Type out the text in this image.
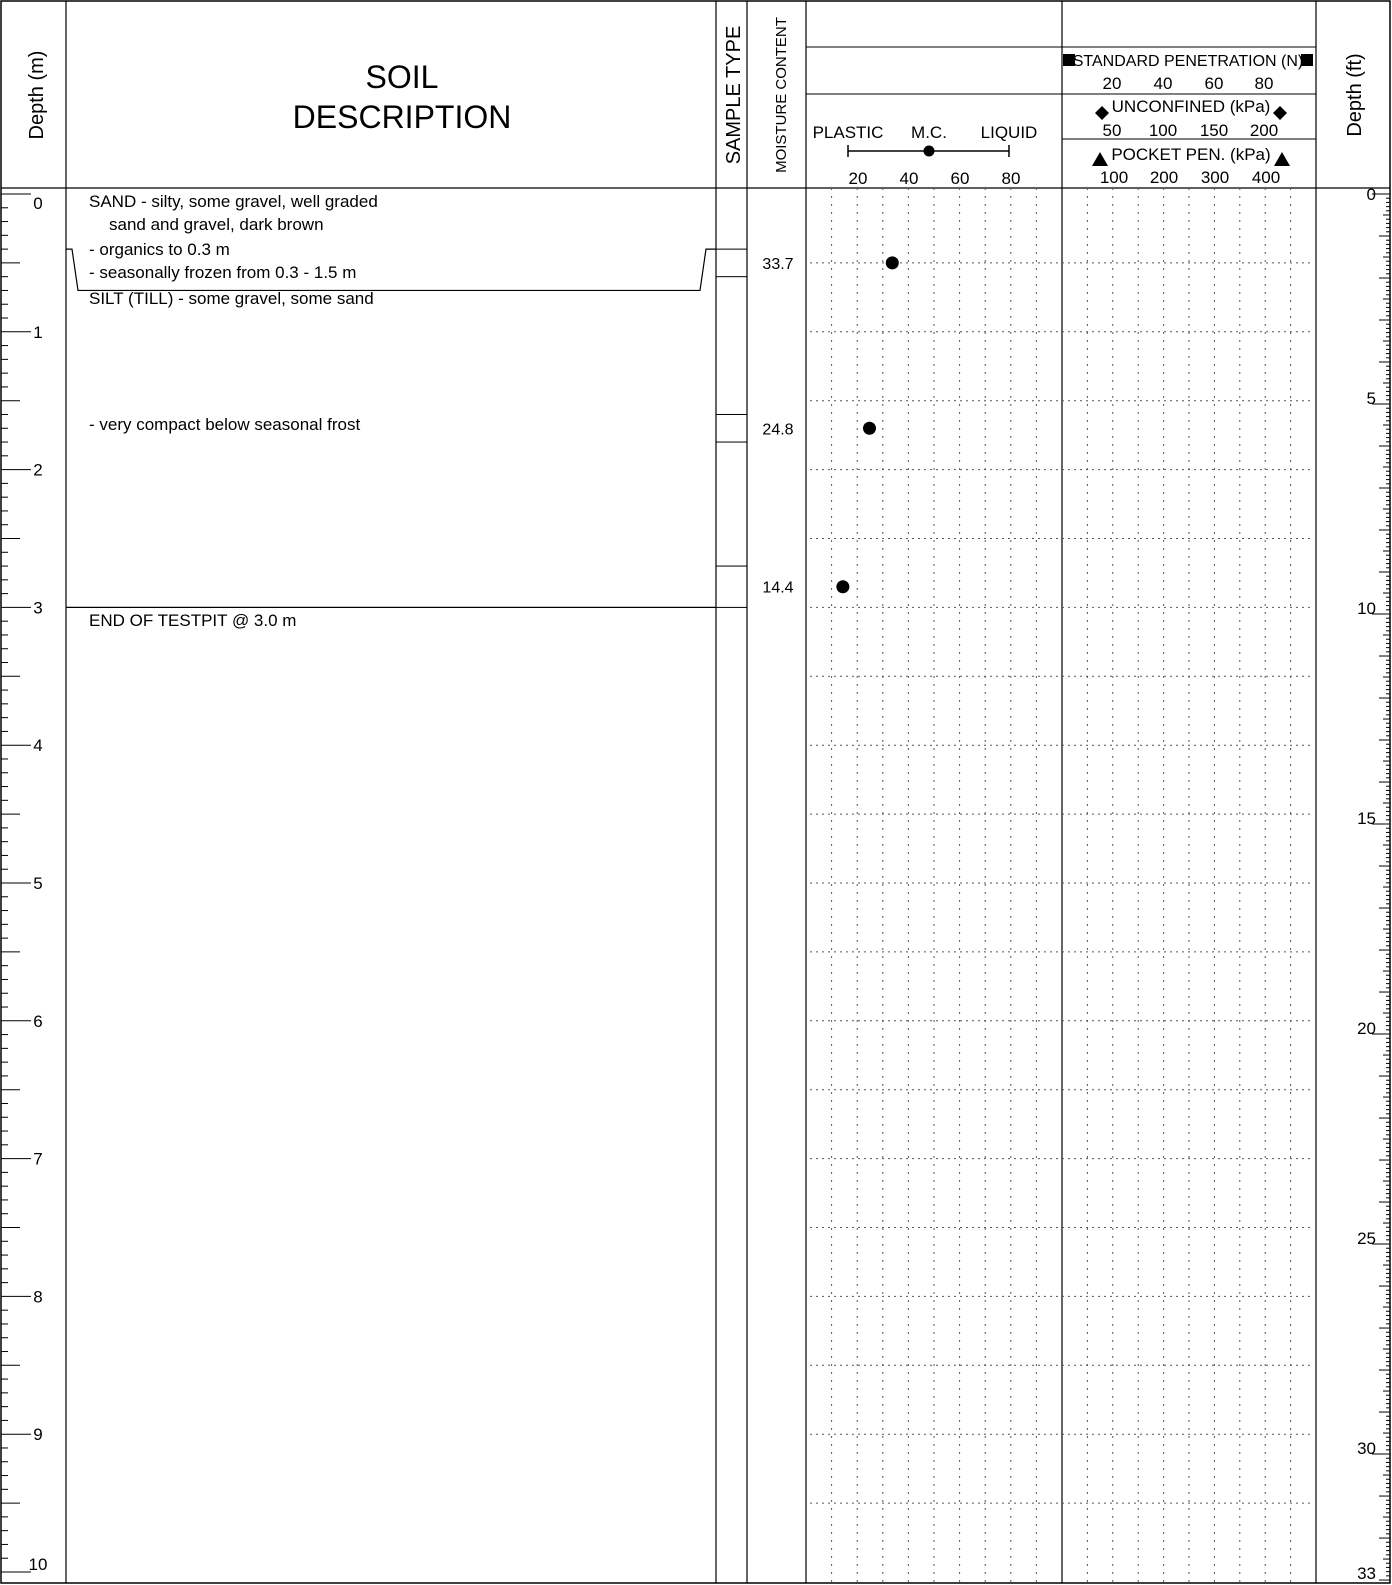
Depth (m)	Depth (ft)
SOIL
DESCRIPTION	SAMPLE TYPE MOISTURE CONTENT PLASTIC M.C. LIQUID
20 40 60 80
STANDARD PENETRATION (N)
20 40 60 80
UNCONFINED (kPa)
50 100 150 200
POCKET PEN. (kPa)
100 200 300 400
0
1
2
3
4
5
6
7
8
9
10
0
5
10
15
20
25
30
33
SAND - silty, some gravel, well graded
sand and gravel, dark brown
- organics to 0.3 m
- seasonally frozen from 0.3 - 1.5 m
SILT (TILL) - some gravel, some sand
- very compact below seasonal frost
END OF TESTPIT @ 3.0 m
33.7
24.8
14.4
